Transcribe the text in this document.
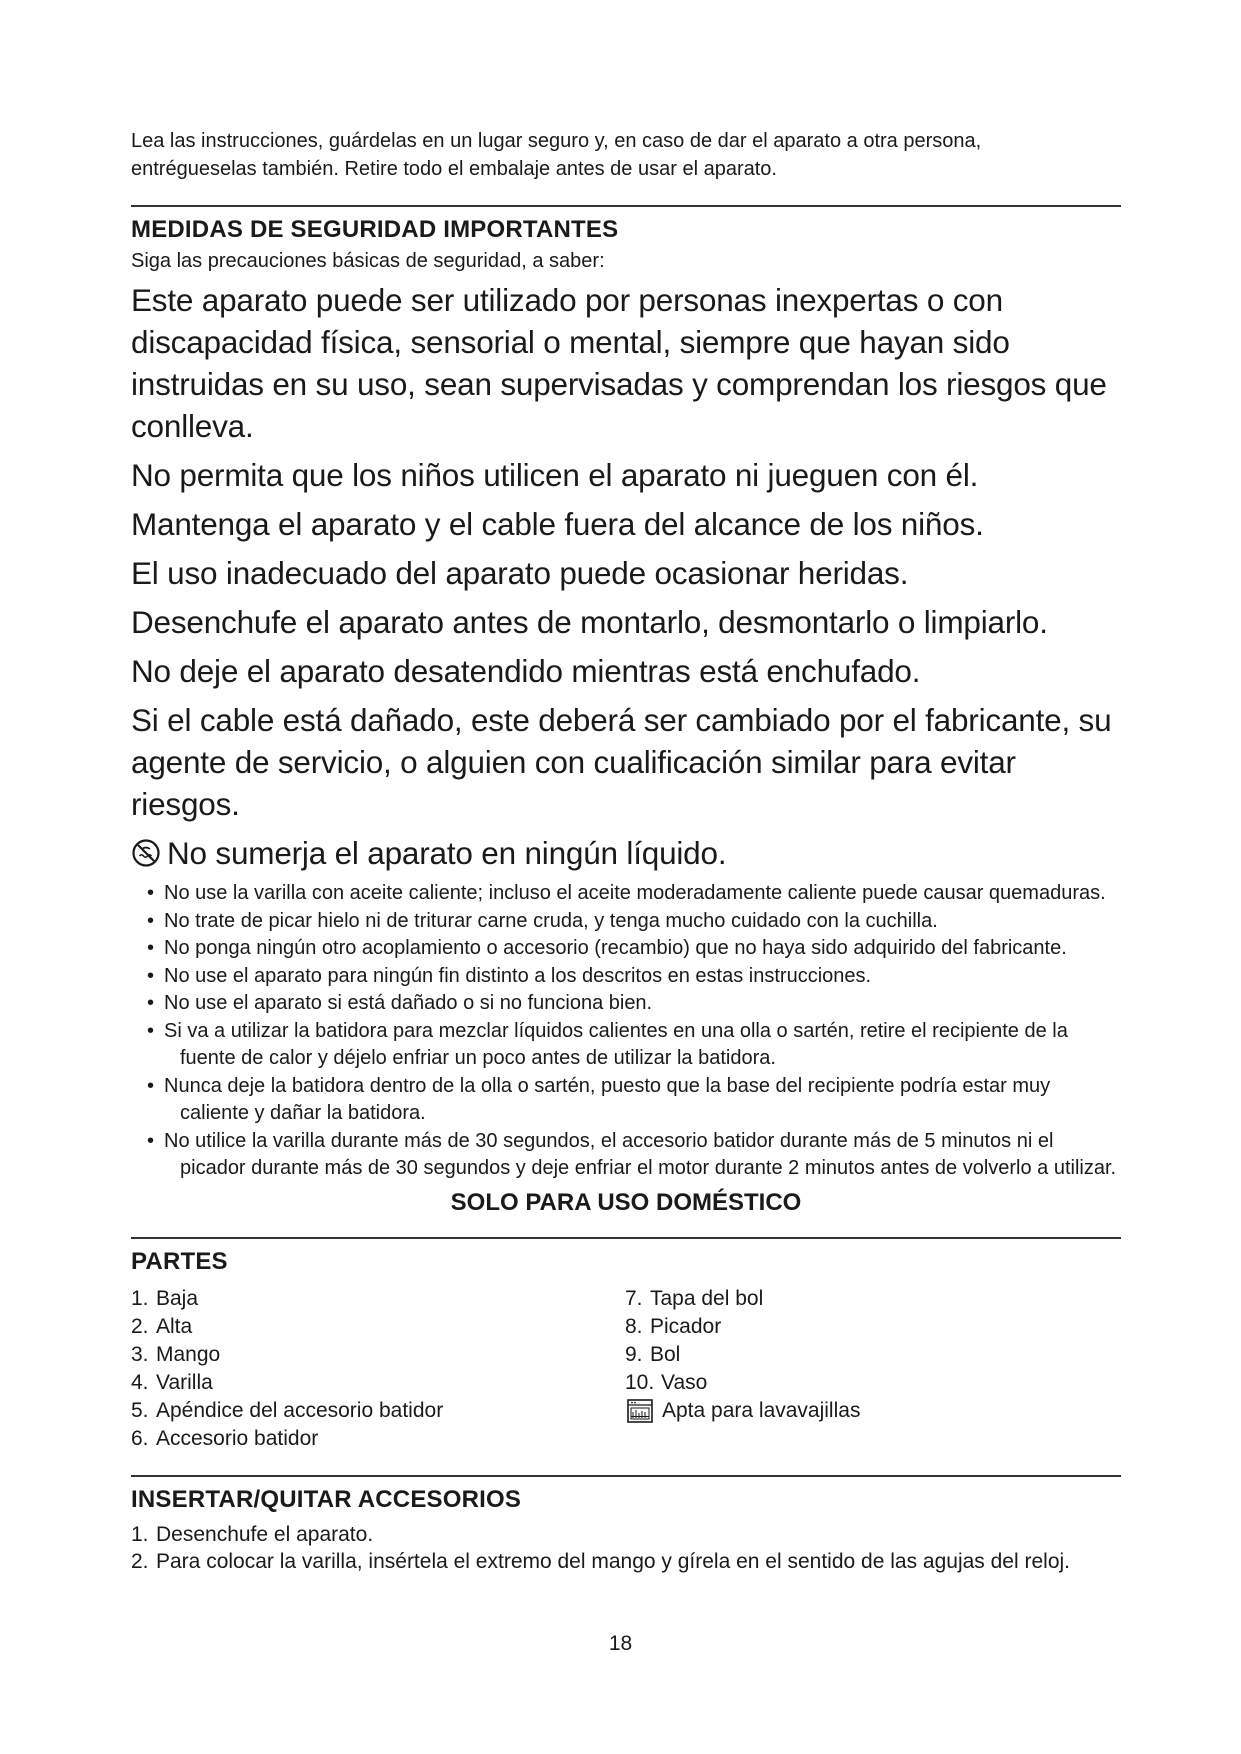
Lea las instrucciones, guárdelas en un lugar seguro y, en caso de dar el aparato a otra persona,
entrégueselas también. Retire todo el embalaje antes de usar el aparato.

MEDIDAS DE SEGURIDAD IMPORTANTES

Siga las precauciones básicas de seguridad, a saber:

Este aparato puede ser utilizado por personas inexpertas o con discapacidad física, sensorial o mental, siempre que hayan sido instruidas en su uso, sean supervisadas y comprendan los riesgos que conlleva.

No permita que los niños utilicen el aparato ni jueguen con él.

Mantenga el aparato y el cable fuera del alcance de los niños.

El uso inadecuado del aparato puede ocasionar heridas.

Desenchufe el aparato antes de montarlo, desmontarlo o limpiarlo.

No deje el aparato desatendido mientras está enchufado.

Si el cable está dañado, este deberá ser cambiado por el fabricante, su agente de servicio, o alguien con cualificación similar para evitar riesgos.

No sumerja el aparato en ningún líquido.

• No use la varilla con aceite caliente; incluso el aceite moderadamente caliente puede causar quemaduras.
• No trate de picar hielo ni de triturar carne cruda, y tenga mucho cuidado con la cuchilla.
• No ponga ningún otro acoplamiento o accesorio (recambio) que no haya sido adquirido del fabricante.
• No use el aparato para ningún fin distinto a los descritos en estas instrucciones.
• No use el aparato si está dañado o si no funciona bien.
• Si va a utilizar la batidora para mezclar líquidos calientes en una olla o sartén, retire el recipiente de la fuente de calor y déjelo enfriar un poco antes de utilizar la batidora.
• Nunca deje la batidora dentro de la olla o sartén, puesto que la base del recipiente podría estar muy caliente y dañar la batidora.
• No utilice la varilla durante más de 30 segundos, el accesorio batidor durante más de 5 minutos ni el picador durante más de 30 segundos y deje enfriar el motor durante 2 minutos antes de volverlo a utilizar.

SOLO PARA USO DOMÉSTICO

PARTES
1. Baja
2. Alta
3. Mango
4. Varilla
5. Apéndice del accesorio batidor
6. Accesorio batidor
7. Tapa del bol
8. Picador
9. Bol
10. Vaso
Apta para lavavajillas
INSERTAR/QUITAR ACCESORIOS
1. Desenchufe el aparato.
2. Para colocar la varilla, insértela el extremo del mango y gírela en el sentido de las agujas del reloj.
18
